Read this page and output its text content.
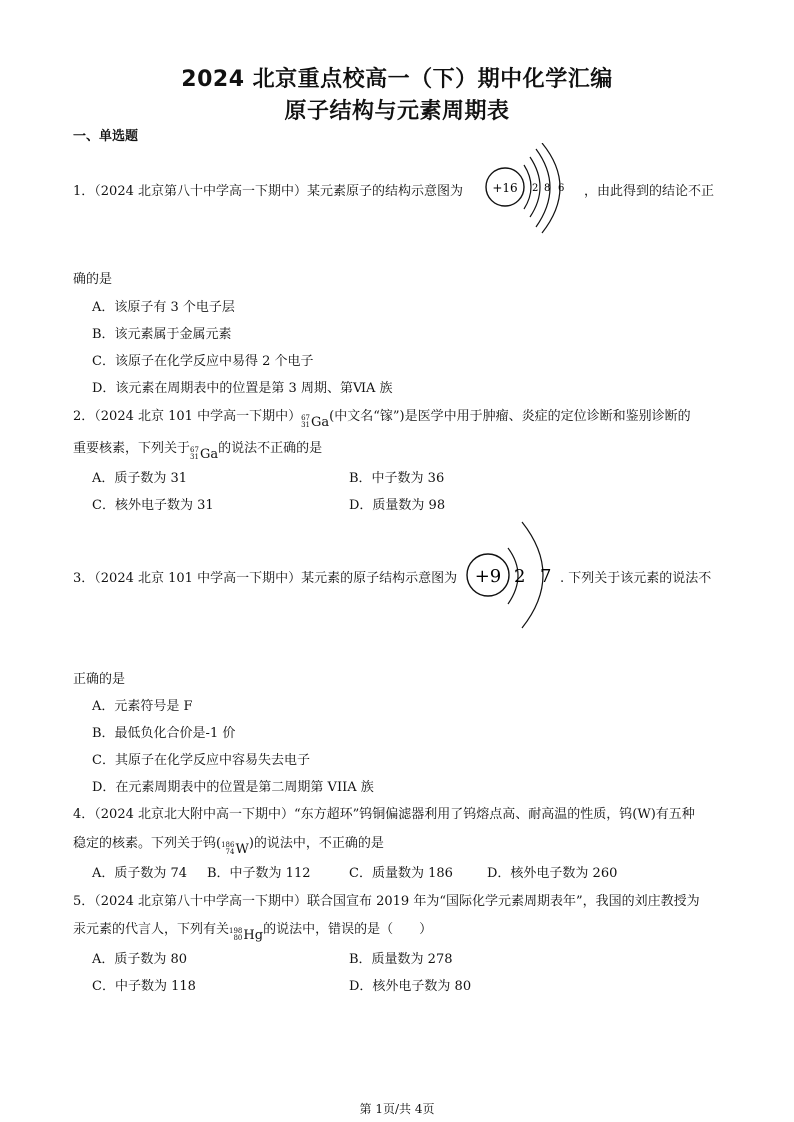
2024 北京重点校高一（下）期中化学汇编
原子结构与元素周期表
一、单选题
1．（2024 北京第八十中学高一下期中）某元素原子的结构示意图为 +16 2 8 6 ，由此得到的结论不正
确的是
A．该原子有 3 个电子层
B．该元素属于金属元素
C．该原子在化学反应中易得 2 个电子
D．该元素在周期表中的位置是第 3 周期、第ⅥA 族
2．（2024 北京 101 中学高一下期中） 67
31 Ga (中文名“镓”)是医学中用于肿瘤、炎症的定位诊断和鉴别诊断的
重要核素，下列关于 67
31 Ga 的说法不正确的是
A．质子数为 31	B．中子数为 36
C．核外电子数为 31	D．质量数为 98
3．（2024 北京 101 中学高一下期中）某元素的原子结构示意图为 +9 2 7 . 下列关于该元素的说法不
正确的是
A．元素符号是 F
B．最低负化合价是-1 价
C．其原子在化学反应中容易失去电子
D．在元素周期表中的位置是第二周期第 VIIA 族
4．（2024 北京北大附中高一下期中）“东方超环”钨铜偏滤器利用了钨熔点高、耐高温的性质，钨(W)有五种
稳定的核素。下列关于钨( 186
74 W )的说法中，不正确的是
A．质子数为 74 B．中子数为 112	C．质量数为 186	D．核外电子数为 260
5．（2024 北京第八十中学高一下期中）联合国宣布 2019 年为“国际化学元素周期表年”，我国的刘庄教授为
汞元素的代言人，下列有关 198
80 Hg 的说法中，错误的是（　　）
A．质子数为 80	B．质量数为 278
C．中子数为 118	D．核外电子数为 80
第 1页/共 4页
